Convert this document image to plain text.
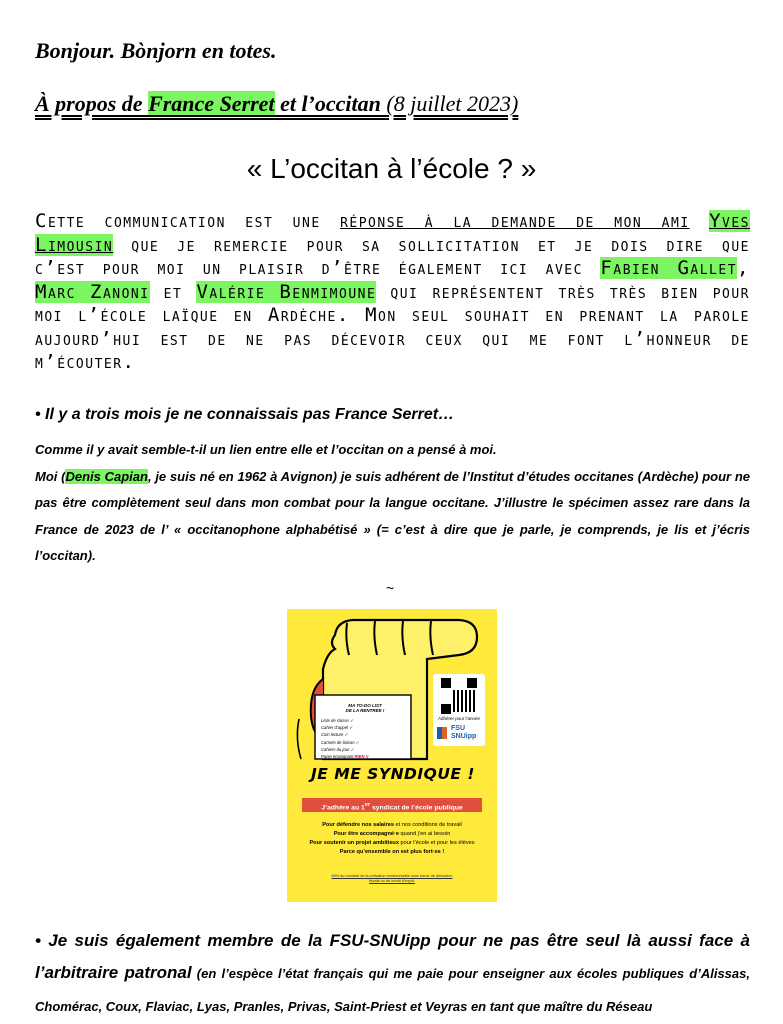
Bonjour. Bònjorn en totes.
À propos de France Serret et l’occitan (8 juillet 2023)
« L’occitan à l’école ? »
Cette communication est une réponse à la demande de mon ami Yves Limousin que je remercie pour sa sollicitation et je dois dire que c’est pour moi un plaisir d’être également ici avec Fabien Gallet, Marc Zanoni et Valérie Benmimoune qui représentent très très bien pour moi l’école laïque en Ardèche. Mon seul souhait en prenant la parole aujourd’hui est de ne pas décevoir ceux qui me font l’honneur de m’écouter.
• Il y a trois mois je ne connaissais pas France Serret…
Comme il y avait semble-t-il un lien entre elle et l’occitan on a pensé à moi.
Moi (Denis Capian, je suis né en 1962 à Avignon) je suis adhérent de l’Institut d’études occitanes (Ardèche) pour ne pas être complètement seul dans mon combat pour la langue occitane. J’illustre le spécimen assez rare dans la France de 2023 de l’ « occitanophone alphabétisé » (= c’est à dire que je parle, je comprends, je lis et j’écris l’occitan).
~
MA TO-DO LIST
DE LA RENTRÉE !
Liste de classe ✓
Cahier d’appel ✓
Coin lecture ✓
Carnets de liaison ✓
Cahiers du jour ✓
Pacte enseignant RIEN !!
Adhérer pour l’année
FSU
SNUipp
JE ME SYNDIQUE !
J’adhère au 1er syndicat de l’école publique
Pour défendre nos salaires et nos conditions de travail
Pour être accompagné·e quand j’en ai besoin
Pour soutenir un projet ambitieux pour l’école et pour les élèves
Parce qu’ensemble on est plus fort·es !
66% du montant de la cotisation remboursable sous forme de déduction fiscale ou de crédit d’impôt.
• Je suis également membre de la FSU-SNUipp pour ne pas être seul là aussi face à l’arbitraire patronal (en l’espèce l’état français qui me paie pour enseigner aux écoles publiques d’Alissas, Chomérac, Coux, Flaviac, Lyas, Pranles, Privas, Saint-Priest et Veyras en tant que maître du Réseau
